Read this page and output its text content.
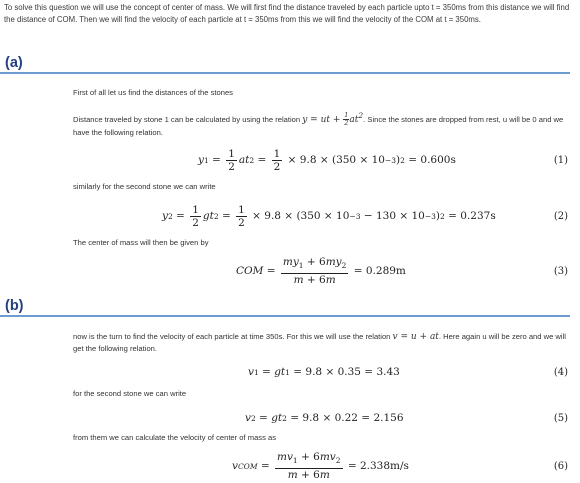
To solve this question we will use the concept of center of mass. We will first find the distance traveled by each particle upto t = 350ms from this distance we will find the distance of COM. Then we will find the velocity of each particle at t = 350ms from this we will find the velocity of the COM at t = 350ms.
(a)
First of all let us find the distances of the stones
Distance traveled by stone 1 can be calculated by using the relation y = ut + $\frac{1}{2} at^2$. Since the stones are dropped from rest, u will be 0 and we have the following relation.
y $1 = \frac{1}{2}$ at $2 = \frac{1}{2} \times 9.8 \times (350 \times 10 -3$ ) 2 = 0.600s	(1)
similarly for the second stone we can write
y $2 = \frac{1}{2}$ gt $2 = \frac{1}{2} \times 9.8 \times (350 \times 10 -3 - 130 \times 10 -3$ ) 2 = 0.237s	(2)
The center of mass will then be given by
COM = $\frac{my_1 + 6my_2}{m + 6m} = 0.289m$	(3)
(b)
now is the turn to find the velocity of each particle at time 350s. For this we will use the relation v = u + at. Here again u will be zero and we will get the following relation.
v 1 = gt 1 = 9.8 × 0.35 = 3.43	(4)
for the second stone we can write
v 2 = gt 2 = 9.8 × 0.22 = 2.156	(5)
from them we can calculate the velocity of center of mass as
v COM = $\frac{mv_1 + 6mv_2}{m + 6m} = 2.338m/s$	(6)
